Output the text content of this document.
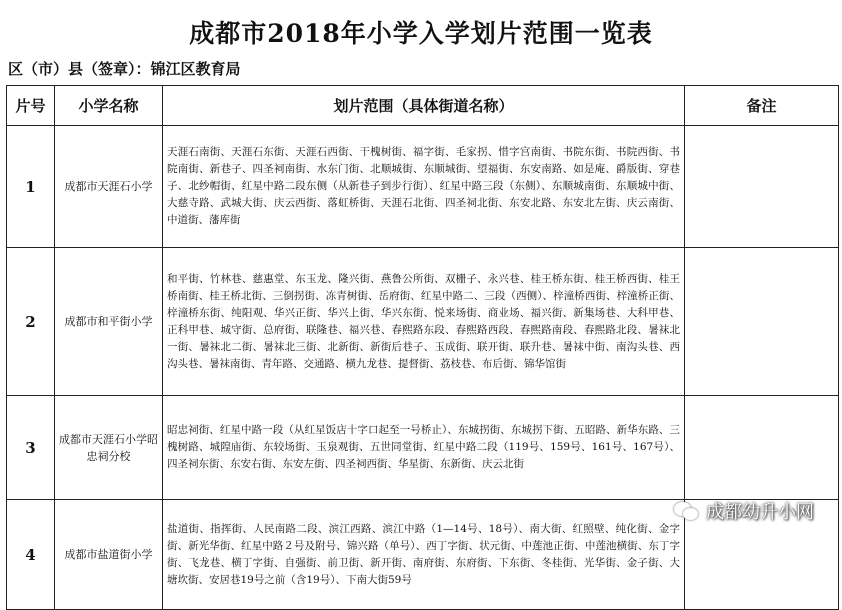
成都市2018年小学入学划片范围一览表
区（市）县（签章）：锦江区教育局
片号	小学名称	划片范围（具体街道名称）	备注
1	成都市天涯石小学	天涯石南街、天涯石东街、天涯石西街、干槐树街、福字街、毛家拐、惜字宫南街、书院东街、书院西街、书院南街、新巷子、四圣祠南街、水东门街、北顺城街、东顺城街、望福街、东安南路、如是庵、爵版街、穿巷子、北纱帽街、红星中路二段东侧（从新巷子到步行街）、红星中路三段（东侧）、东顺城南街、东顺城中街、大慈寺路、武城大街、庆云西街、落虹桥街、天涯石北街、四圣祠北街、东安北路、东安北左街、庆云南街、中道街、藩库街	
2	成都市和平街小学	和平街、竹林巷、慈惠堂、东玉龙、隆兴街、燕鲁公所街、双栅子、永兴巷、桂王桥东街、桂王桥西街、桂王桥南街、桂王桥北街、三倒拐街、冻青树街、岳府街、红星中路二、三段（西侧）、梓潼桥西街、梓潼桥正街、梓潼桥东街、纯阳观、华兴正街、华兴上街、华兴东街、悦来场街、商业场、福兴街、新集场巷、大科甲巷、正科甲巷、城守街、总府街、联隆巷、福兴巷、春熙路东段、春熙路西段、春熙路南段、春熙路北段、暑袜北一街、暑袜北二街、暑袜北三街、北新街、新街后巷子、玉成街、联开街、联升巷、暑袜中街、南沟头巷、西沟头巷、暑袜南街、青年路、交通路、横九龙巷、提督街、荔枝巷、布后街、锦华馆街	
3	成都市天涯石小学昭忠祠分校	昭忠祠街、红星中路一段（从红星饭店十字口起至一号桥止）、东城拐街、东城拐下街、五昭路、新华东路、三槐树路、城隍庙街、东较场街、玉泉观街、五世同堂街、红星中路二段（119号、159号、161号、167号）、四圣祠东街、东安右街、东安左街、四圣祠西街、华星街、东新街、庆云北街	
4	成都市盐道街小学	盐道街、指挥街、人民南路二段、滨江西路、滨江中路（1—14号、18号）、南大街、红照壁、纯化街、金字街、新光华街、红星中路２号及附号、锦兴路（单号）、西丁字街、状元街、中莲池正街、中莲池横街、东丁字街、飞龙巷、横丁字街、自强街、前卫街、新开街、南府街、东府街、下东街、冬桂街、光华街、金子街、大塘坎街、安居巷19号之前（含19号）、下南大街59号	
成都幼升小网
